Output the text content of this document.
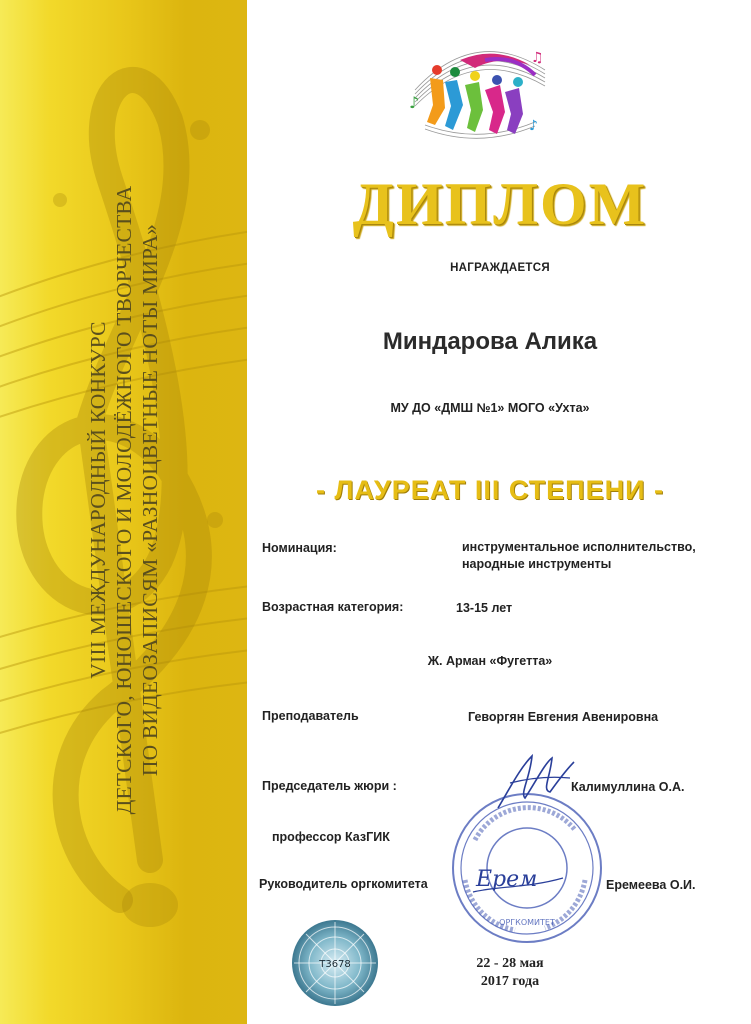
VIII МЕЖДУНАРОДНЫЙ КОНКУРС ДЕТСКОГО, ЮНОШЕСКОГО И МОЛОДЁЖНОГО ТВОРЧЕСТВА ПО ВИДЕОЗАПИСЯМ «РАЗНОЦВЕТНЫЕ НОТЫ МИРА»
♪
♫
♪
ДИПЛОМ
НАГРАЖДАЕТСЯ
Миндарова Алика
МУ ДО «ДМШ №1» МОГО «Ухта»
- ЛАУРЕАТ III СТЕПЕНИ -
Номинация:	инструментальное исполнительство,
народные инструменты
Возрастная категория:	13-15 лет
Ж. Арман «Фугетта»
Преподаватель	Геворгян Евгения Авенировна
ОРГКОМИТЕТ
Ерем
Председатель жюри :	Калимуллина О.А.
профессор КазГИК
Руководитель оргкомитета	Еремеева О.И.
T3678	22 - 28 мая
2017 года
